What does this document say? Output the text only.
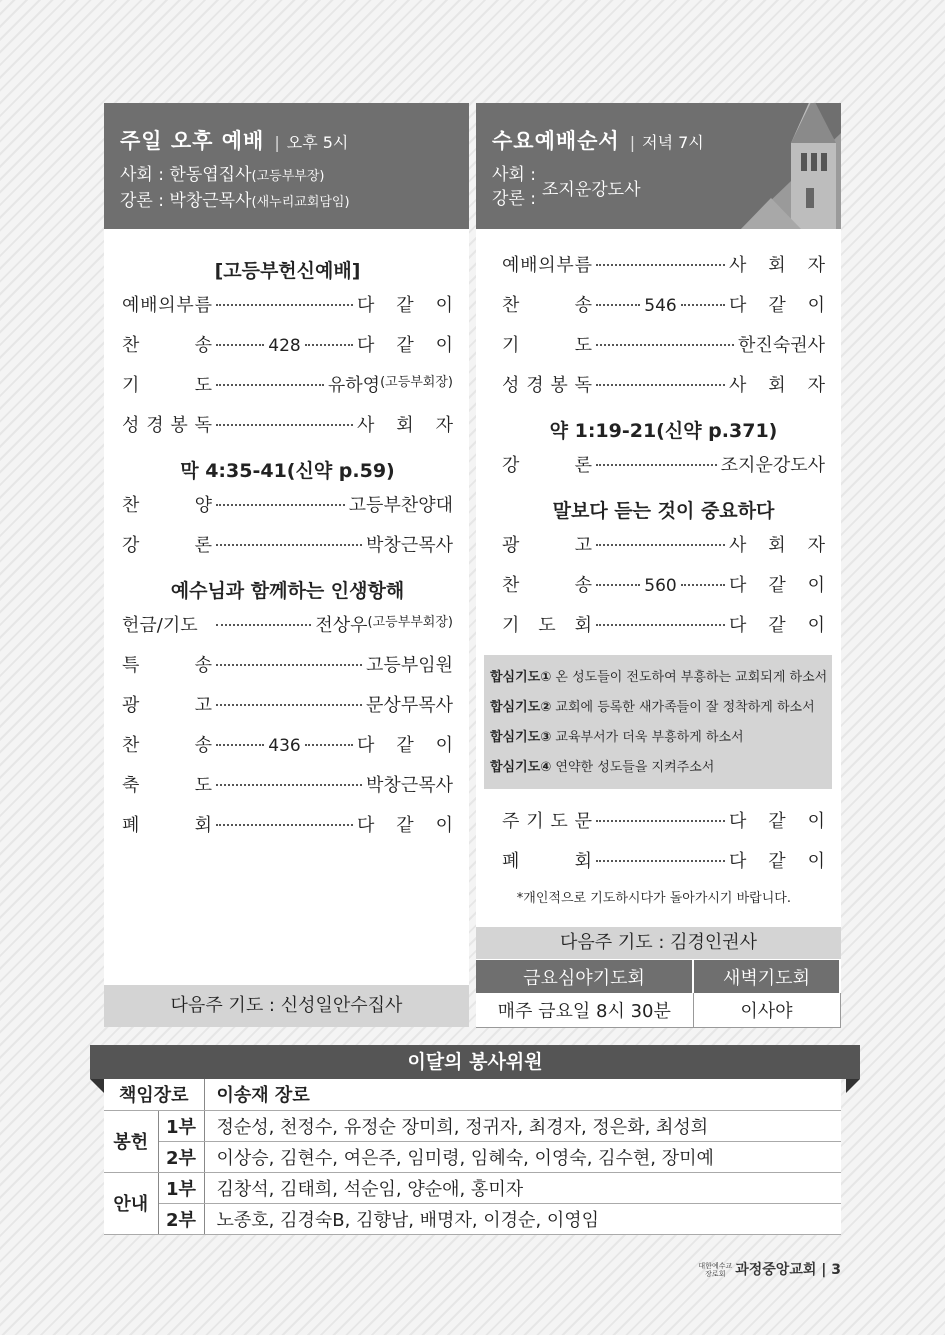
주일 오후 예배 | 오후 5시
사회 : 한동엽집사(고등부부장)
강론 : 박창근목사(새누리교회담임)
[고등부헌신예배]
예 배 의 부 름	다 같 이
찬	송	428	다 같 이
기	도	유하영 (고등부회장)
성 경 봉 독	사 회 자
막 4:35-41(신약 p.59)
찬	양	고등부찬양대
강	론	박창근목사
예수님과 함께하는 인생항해
헌금/기도	전상우 (고등부부회장)
특	송	고등부임원
광	고	문상무목사
찬	송	436	다 같 이
축	도	박창근목사
폐	회	다 같 이
다음주 기도 : 신성일안수집사
수요예배순서 | 저녁 7시
사회 :
강론 : 조지운강도사
예 배 의 부 름	사 회 자
찬	송	546	다 같 이
기	도	한진숙권사
성 경 봉 독	사 회 자
약 1:19-21(신약 p.371)
강	론	조지운강도사
말보다 듣는 것이 중요하다
광	고	사 회 자
찬	송	560	다 같 이
기 도 회	다 같 이
합심기도① 온 성도들이 전도하여 부흥하는 교회되게 하소서
합심기도② 교회에 등록한 새가족들이 잘 정착하게 하소서
합심기도③ 교육부서가 더욱 부흥하게 하소서
합심기도④ 연약한 성도들을 지켜주소서
주 기 도 문	다 같 이
폐	회	다 같 이
*개인적으로 기도하시다가 돌아가시기 바랍니다.
다음주 기도 : 김경인권사
금요심야기도회	새벽기도회
매주 금요일 8시 30분	이사야
이달의 봉사위원
책임장로		이송재 장로
봉헌	1부	정순성, 천정수, 유정순 장미희, 정귀자, 최경자, 정은화, 최성희
	2부	이상승, 김현수, 여은주, 임미령, 임혜숙, 이영숙, 김수현, 장미예
안내	1부	김창석, 김태희, 석순임, 양순애, 홍미자
	2부	노종호, 김경숙B, 김향남, 배명자, 이경순, 이영임
대한예수교
장로회 과정중앙교회 | 3
